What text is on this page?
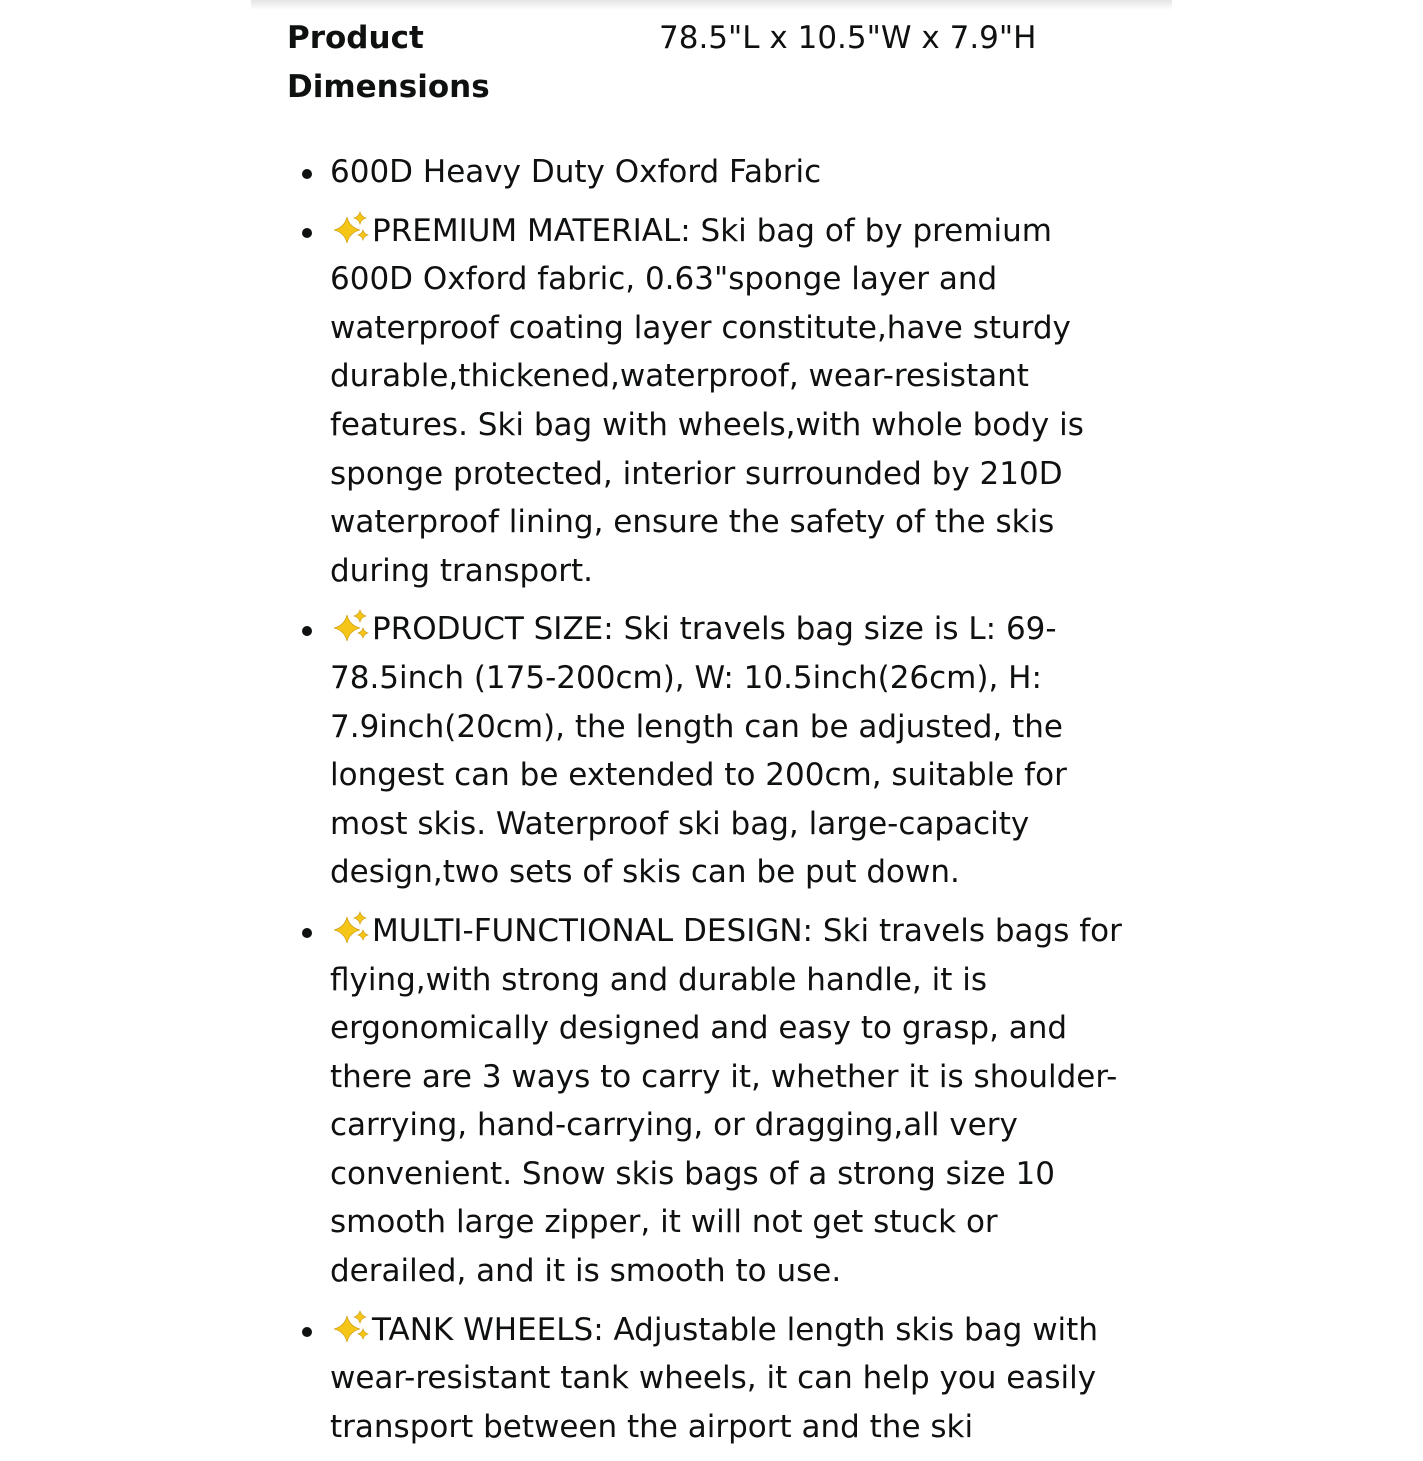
Product
Dimensions
78.5"L x 10.5"W x 7.9"H
600D Heavy Duty Oxford Fabric
PREMIUM MATERIAL: Ski bag of by premium 600D Oxford fabric, 0.63"sponge layer and waterproof coating layer constitute,have sturdy durable,thickened,waterproof, wear-resistant features. Ski bag with wheels,with whole body is sponge protected, interior surrounded by 210D waterproof lining, ensure the safety of the skis during transport.
PRODUCT SIZE: Ski travels bag size is L: 69-78.5inch (175-200cm), W: 10.5inch(26cm), H: 7.9inch(20cm), the length can be adjusted, the longest can be extended to 200cm, suitable for most skis. Waterproof ski bag, large-capacity design,two sets of skis can be put down.
MULTI-FUNCTIONAL DESIGN: Ski travels bags for flying,with strong and durable handle, it is ergonomically designed and easy to grasp, and there are 3 ways to carry it, whether it is shoulder-carrying, hand-carrying, or dragging,all very convenient. Snow skis bags of a strong size 10 smooth large zipper, it will not get stuck or derailed, and it is smooth to use.
TANK WHEELS: Adjustable length skis bag with wear-resistant tank wheels, it can help you easily transport between the airport and the ski
